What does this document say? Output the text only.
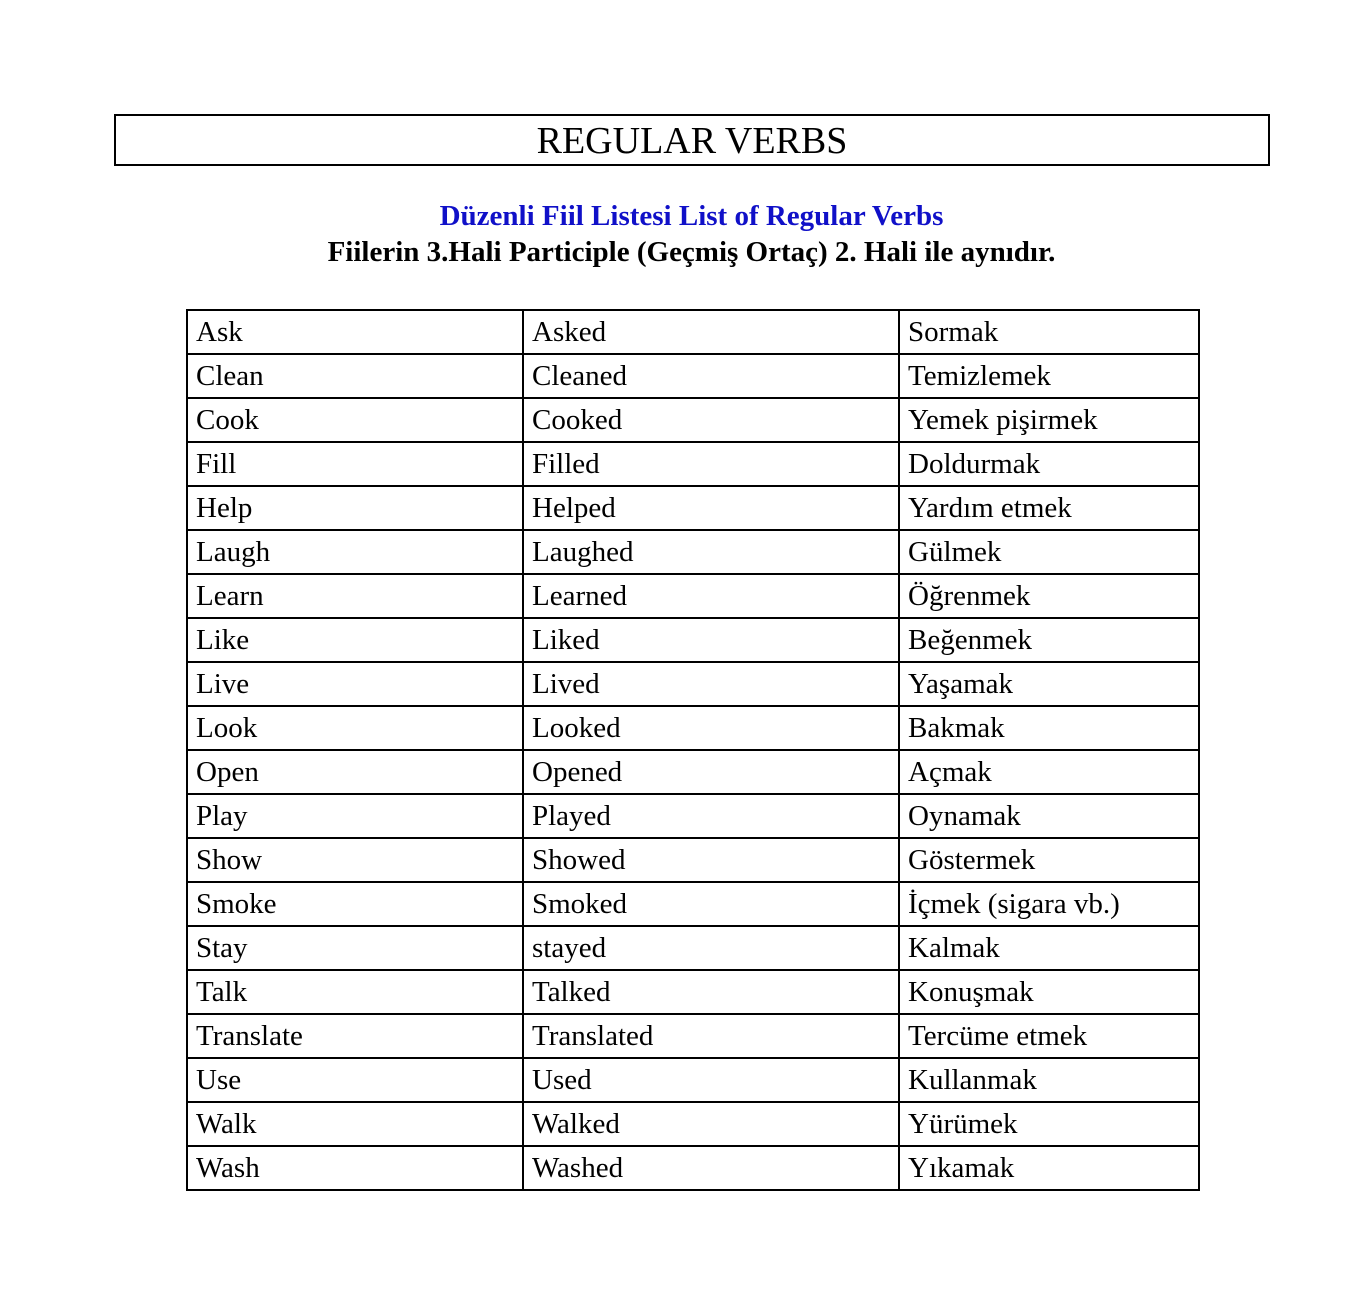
REGULAR VERBS
Düzenli Fiil Listesi List of Regular Verbs
Fiilerin 3.Hali Participle (Geçmiş Ortaç) 2. Hali ile aynıdır.
Ask	Asked	Sormak
Clean	Cleaned	Temizlemek
Cook	Cooked	Yemek pişirmek
Fill	Filled	Doldurmak
Help	Helped	Yardım etmek
Laugh	Laughed	Gülmek
Learn	Learned	Öğrenmek
Like	Liked	Beğenmek
Live	Lived	Yaşamak
Look	Looked	Bakmak
Open	Opened	Açmak
Play	Played	Oynamak
Show	Showed	Göstermek
Smoke	Smoked	İçmek (sigara vb.)
Stay	stayed	Kalmak
Talk	Talked	Konuşmak
Translate	Translated	Tercüme etmek
Use	Used	Kullanmak
Walk	Walked	Yürümek
Wash	Washed	Yıkamak
